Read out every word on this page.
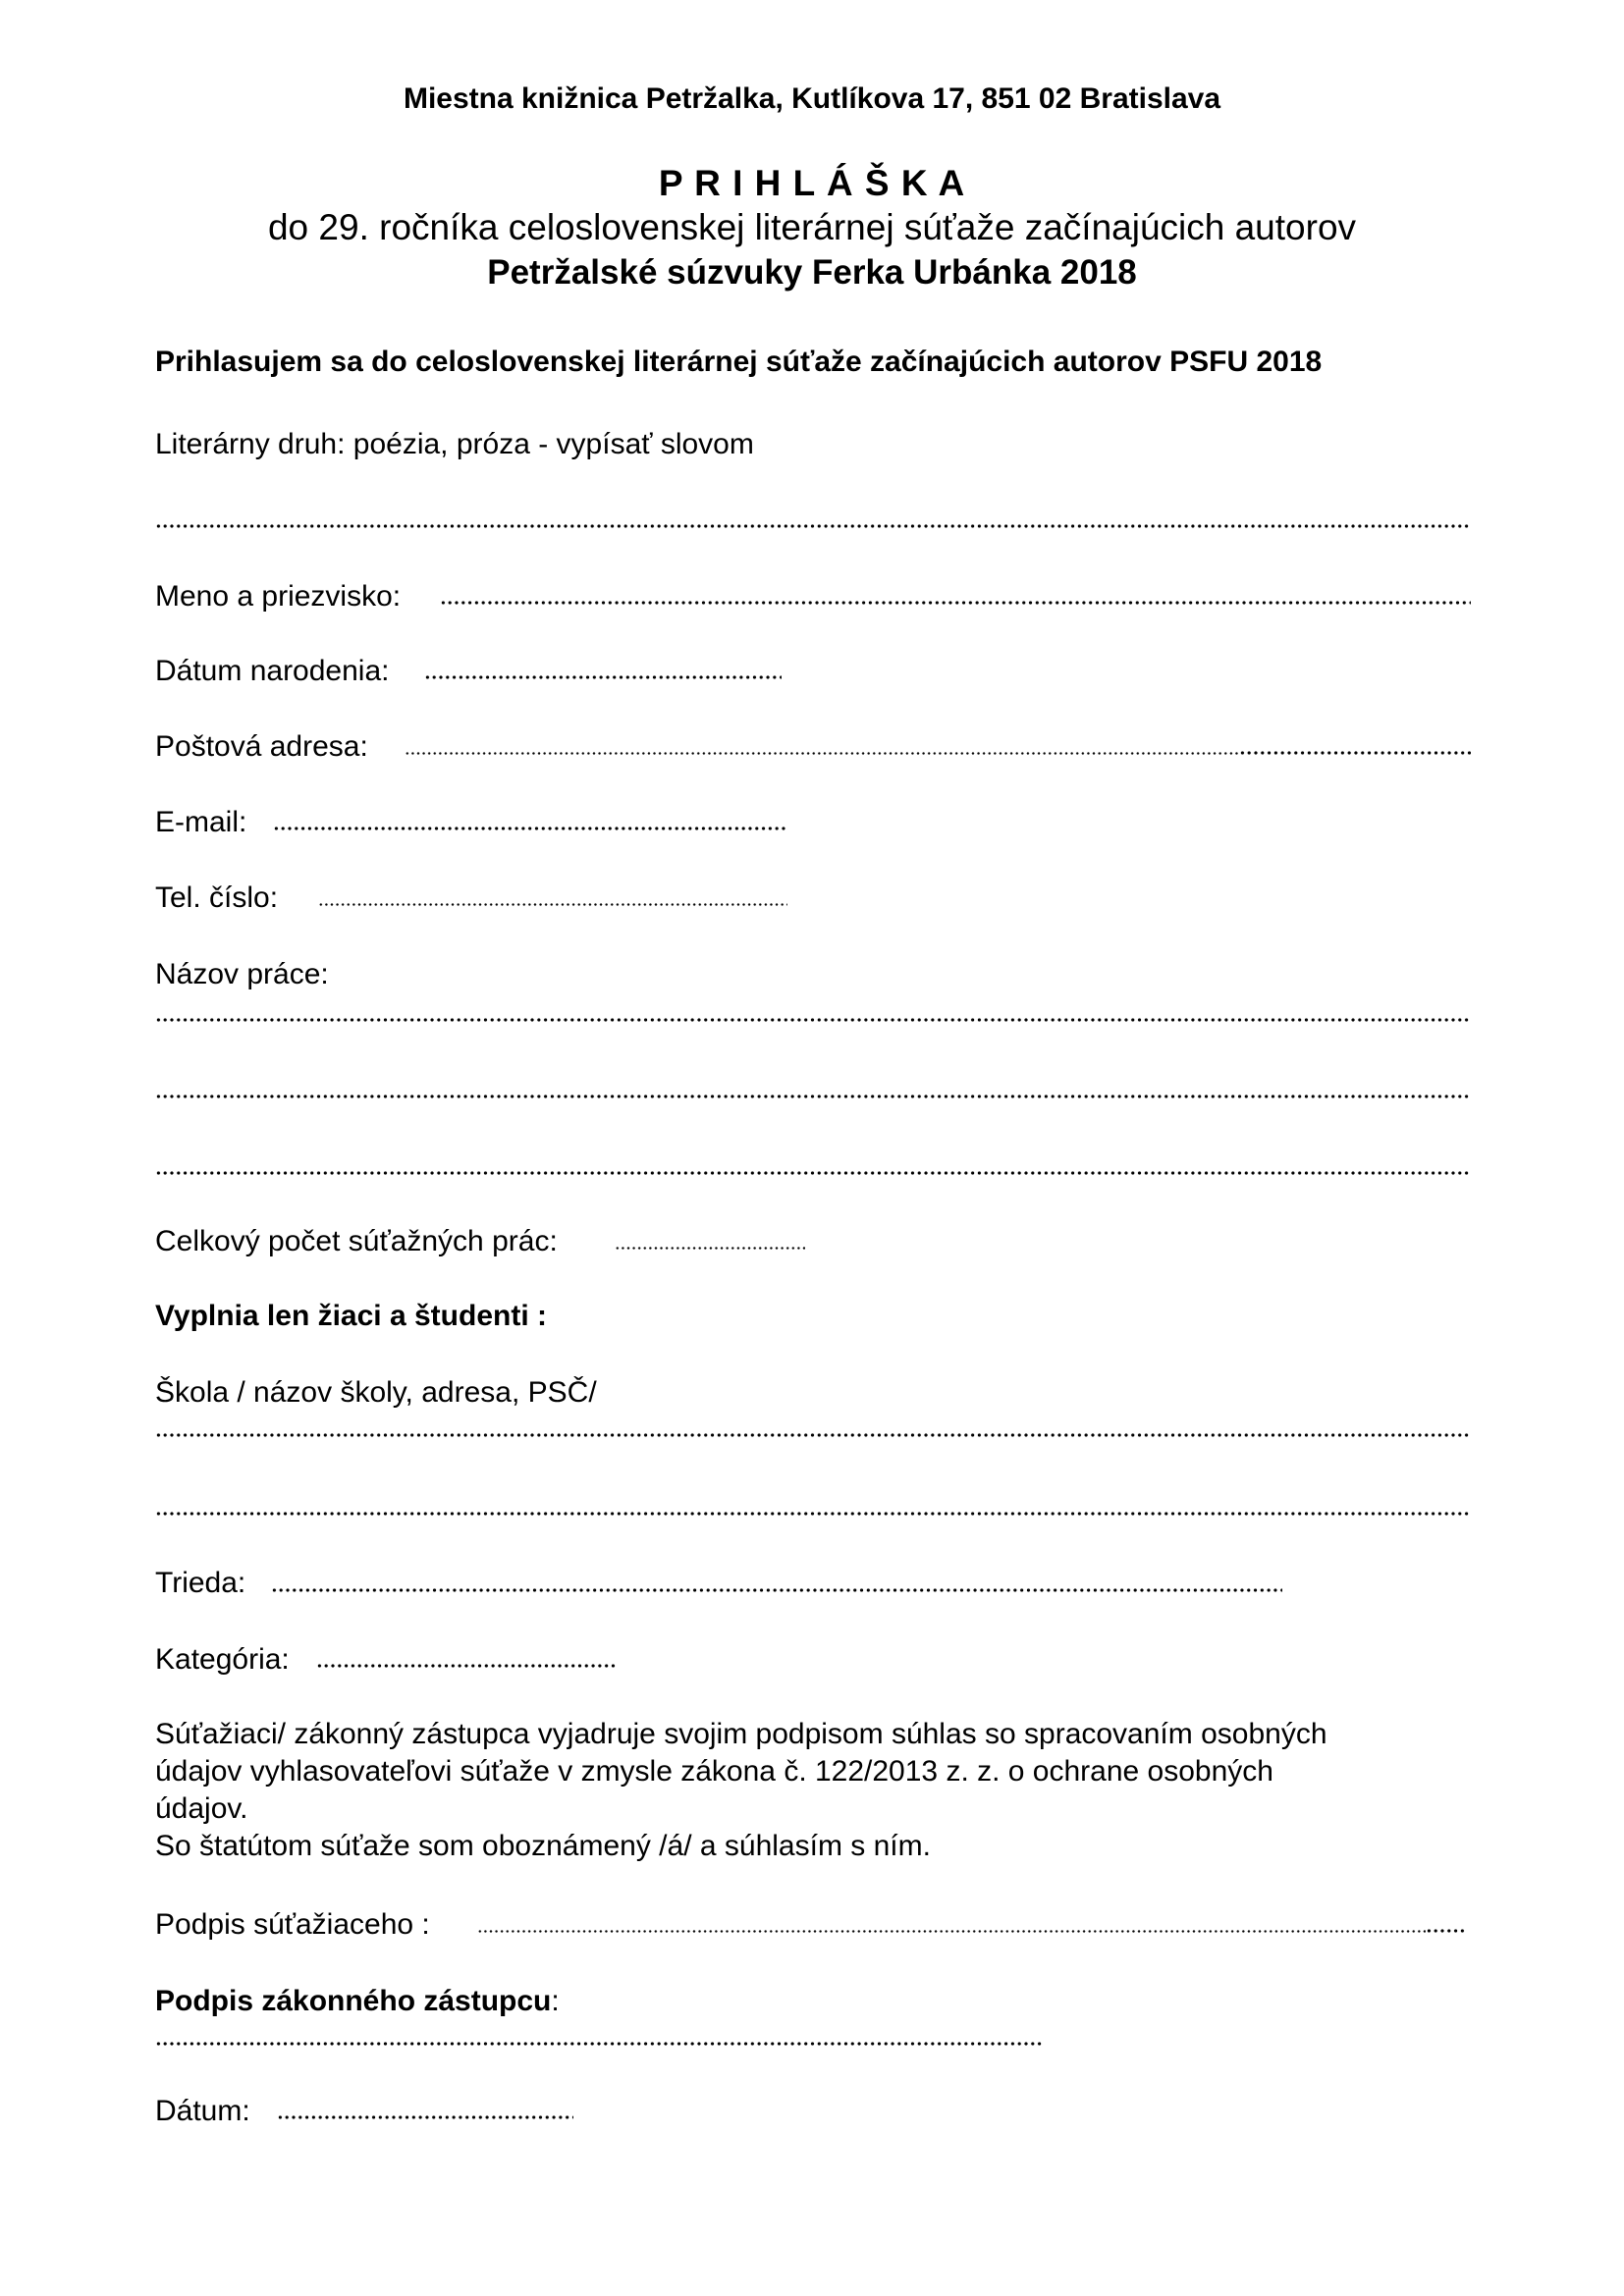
Miestna knižnica Petržalka, Kutlíkova 17, 851 02 Bratislava
P R I H L Á Š K A
do 29. ročníka celoslovenskej literárnej súťaže začínajúcich autorov
Petržalské súzvuky Ferka Urbánka 2018
Prihlasujem sa do celoslovenskej literárnej súťaže začínajúcich autorov PSFU 2018
Literárny druh: poézia, próza - vypísať slovom
Meno a priezvisko:
Dátum narodenia:
Poštová adresa:
E-mail:
Tel. číslo:
Názov práce:
Celkový počet súťažných prác:
Vyplnia len žiaci a študenti :
Škola / názov školy, adresa, PSČ/
Trieda:
Kategória:
Súťažiaci/ zákonný zástupca vyjadruje svojim podpisom súhlas so spracovaním osobných
údajov vyhlasovateľovi súťaže v zmysle zákona č. 122/2013 z. z. o ochrane osobných
údajov.
So štatútom súťaže som oboznámený /á/ a súhlasím s ním.
Podpis súťažiaceho :
Podpis zákonného zástupcu:
Dátum:
